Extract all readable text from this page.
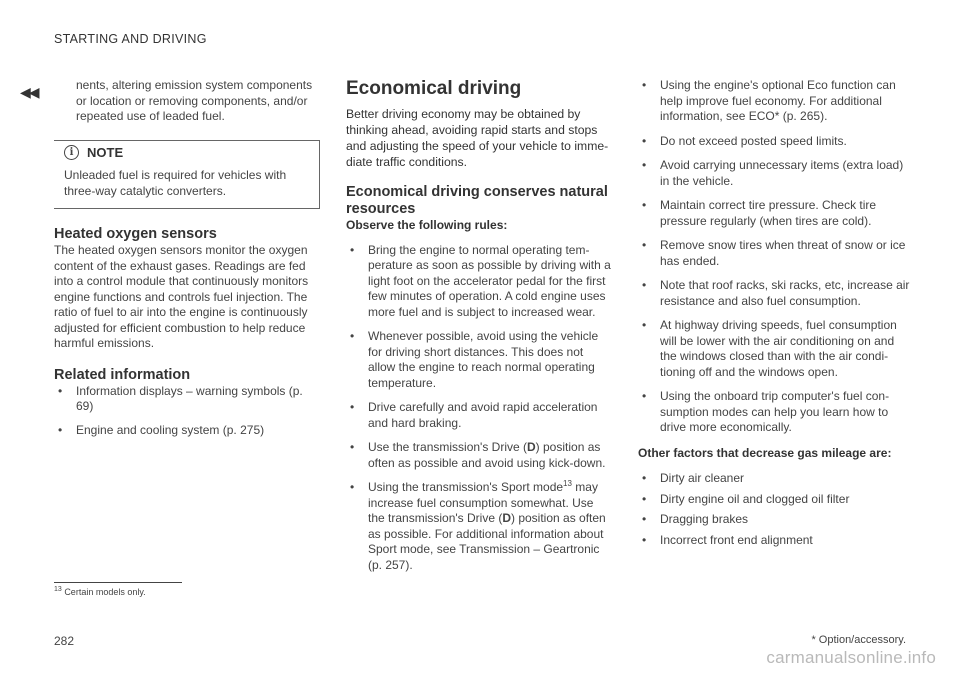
STARTING AND DRIVING
◀◀	nents, altering emission system components or location or removing components, and/or repeated use of leaded fuel.

i	NOTE

Unleaded fuel is required for vehicles with three-way catalytic converters.

Heated oxygen sensors

The heated oxygen sensors monitor the oxygen content of the exhaust gases. Readings are fed into a control module that continuously monitors engine functions and controls fuel injection. The ratio of fuel to air into the engine is continuously adjusted for efficient combustion to help reduce harmful emissions.

Related information
• Information displays – warning symbols (p. 69)
• Engine and cooling system (p. 275)
Economical driving

Better driving economy may be obtained by thinking ahead, avoiding rapid starts and stops and adjusting the speed of your vehicle to imme-diate traffic conditions.

Economical driving conserves natural resources

Observe the following rules:

• Bring the engine to normal operating tem-perature as soon as possible by driving with a light foot on the accelerator pedal for the first few minutes of operation. A cold engine uses more fuel and is subject to increased wear.
• Whenever possible, avoid using the vehicle for driving short distances. This does not allow the engine to reach normal operating temperature.
• Drive carefully and avoid rapid acceleration and hard braking.
• Use the transmission's Drive (D) position as often as possible and avoid using kick-down.
• Using the transmission's Sport mode$^{13}$ may increase fuel consumption somewhat. Use the transmission's Drive (D) position as often as possible. For additional information about Sport mode, see Transmission – Geartronic (p. 257).
• Using the engine's optional Eco function can help improve fuel economy. For additional information, see ECO* (p. 265).
• Do not exceed posted speed limits.
• Avoid carrying unnecessary items (extra load) in the vehicle.
• Maintain correct tire pressure. Check tire pressure regularly (when tires are cold).
• Remove snow tires when threat of snow or ice has ended.
• Note that roof racks, ski racks, etc, increase air resistance and also fuel consumption.
• At highway driving speeds, fuel consumption will be lower with the air conditioning on and the windows closed than with the air condi-tioning off and the windows open.
• Using the onboard trip computer's fuel con-sumption modes can help you learn how to drive more economically.

Other factors that decrease gas mileage are:

• Dirty air cleaner
• Dirty engine oil and clogged oil filter
• Dragging brakes
• Incorrect front end alignment
$^{13}$ Certain models only.
282	* Option/accessory.
carmanualsonline.info
